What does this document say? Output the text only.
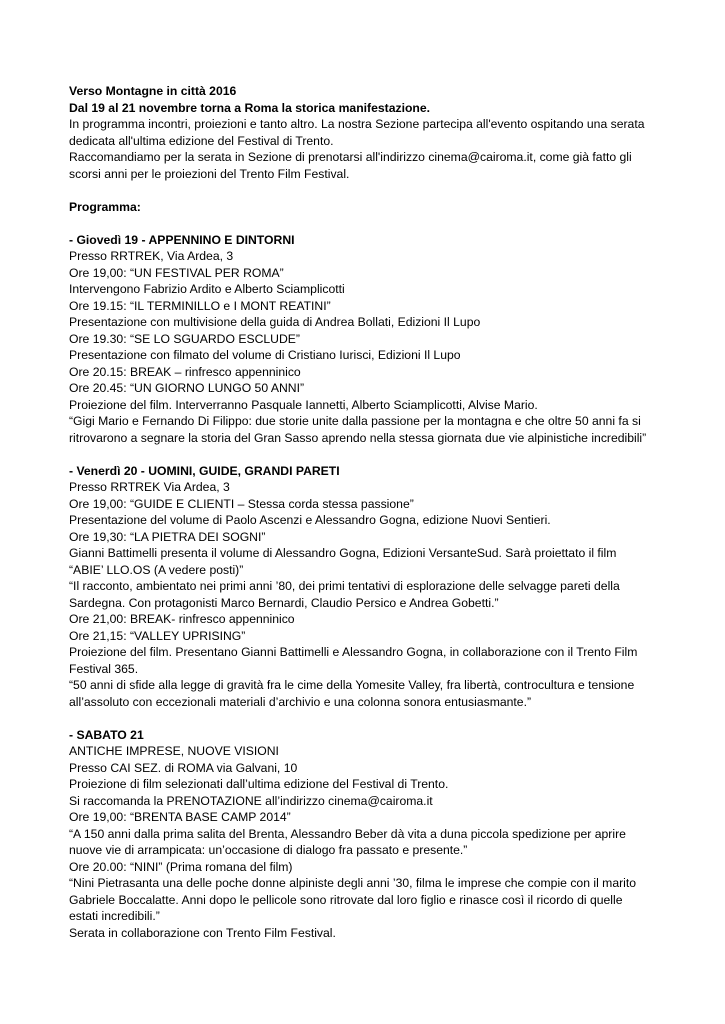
Verso Montagne in città 2016
Dal 19 al 21 novembre torna a Roma la storica manifestazione.
In programma incontri, proiezioni e tanto altro. La nostra Sezione partecipa all'evento ospitando una serata
dedicata all'ultima edizione del Festival di Trento.
Raccomandiamo per la serata in Sezione di prenotarsi all'indirizzo cinema@cairoma.it, come già fatto gli
scorsi anni per le proiezioni del Trento Film Festival.
Programma:
- Giovedì 19 - APPENNINO E DINTORNI
Presso RRTREK, Via Ardea, 3
Ore 19,00: “UN FESTIVAL PER ROMA”
Intervengono Fabrizio Ardito e Alberto Sciamplicotti
Ore 19.15: “IL TERMINILLO e I MONT REATINI”
Presentazione con multivisione della guida di Andrea Bollati, Edizioni Il Lupo
Ore 19.30: “SE LO SGUARDO ESCLUDE”
Presentazione con filmato del volume di Cristiano Iurisci, Edizioni Il Lupo
Ore 20.15: BREAK – rinfresco appenninico
Ore 20.45: “UN GIORNO LUNGO 50 ANNI”
Proiezione del film. Interverranno Pasquale Iannetti, Alberto Sciamplicotti, Alvise Mario.
“Gigi Mario e Fernando Di Filippo: due storie unite dalla passione per la montagna e che oltre 50 anni fa si
ritrovarono a segnare la storia del Gran Sasso aprendo nella stessa giornata due vie alpinistiche incredibili”
- Venerdì 20 - UOMINI, GUIDE, GRANDI PARETI
Presso RRTREK Via Ardea, 3
Ore 19,00: “GUIDE E CLIENTI – Stessa corda stessa passione”
Presentazione del volume di Paolo Ascenzi e Alessandro Gogna, edizione Nuovi Sentieri.
Ore 19,30: “LA PIETRA DEI SOGNI”
Gianni Battimelli presenta il volume di Alessandro Gogna, Edizioni VersanteSud. Sarà proiettato il film
“ABIE’ LLO.OS (A vedere posti)”
“Il racconto, ambientato nei primi anni ’80, dei primi tentativi di esplorazione delle selvagge pareti della
Sardegna. Con protagonisti Marco Bernardi, Claudio Persico e Andrea Gobetti.”
Ore 21,00: BREAK- rinfresco appenninico
Ore 21,15: “VALLEY UPRISING”
Proiezione del film. Presentano Gianni Battimelli e Alessandro Gogna, in collaborazione con il Trento Film
Festival 365.
“50 anni di sfide alla legge di gravità fra le cime della Yomesite Valley, fra libertà, controcultura e tensione
all’assoluto con eccezionali materiali d’archivio e una colonna sonora entusiasmante.”
- SABATO 21
ANTICHE IMPRESE, NUOVE VISIONI
Presso CAI SEZ. di ROMA via Galvani, 10
Proiezione di film selezionati dall’ultima edizione del Festival di Trento.
Si raccomanda la PRENOTAZIONE all’indirizzo cinema@cairoma.it
Ore 19,00: “BRENTA BASE CAMP 2014”
“A 150 anni dalla prima salita del Brenta, Alessandro Beber dà vita a duna piccola spedizione per aprire
nuove vie di arrampicata: un’occasione di dialogo fra passato e presente.”
Ore 20.00: “NINI” (Prima romana del film)
“Nini Pietrasanta una delle poche donne alpiniste degli anni ’30, filma le imprese che compie con il marito
Gabriele Boccalatte. Anni dopo le pellicole sono ritrovate dal loro figlio e rinasce così il ricordo di quelle
estati incredibili.”
Serata in collaborazione con Trento Film Festival.
